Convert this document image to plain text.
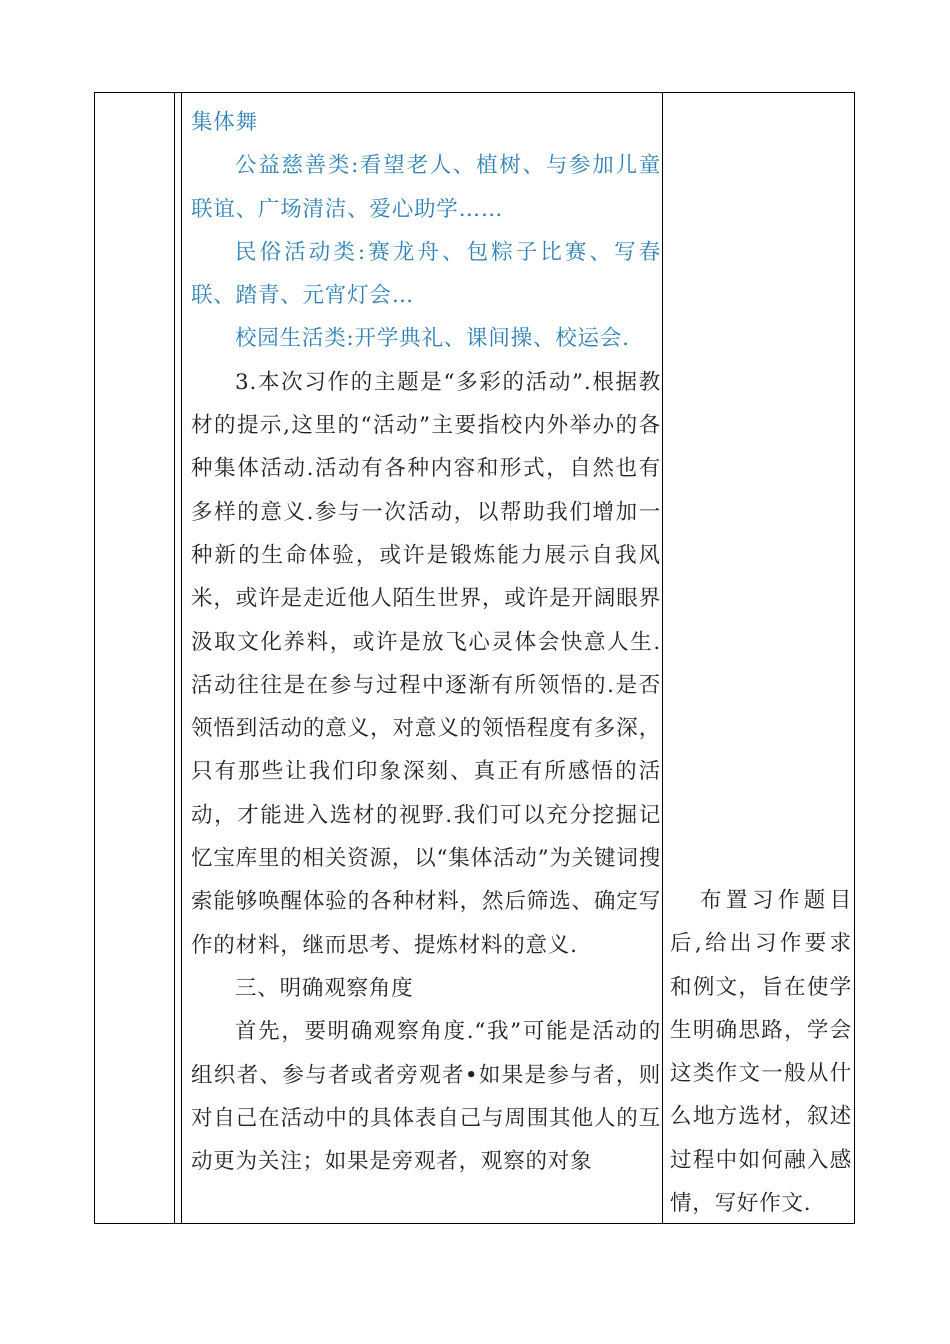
集体舞

公益慈善类:看望老人、植树、与参加儿童联谊、广场清洁、爱心助学……

民俗活动类:赛龙舟、包粽子比赛、写春联、踏青、元宵灯会…

校园生活类:开学典礼、课间操、校运会.

3.本次习作的主题是“多彩的活动”.根据教材的提示,这里的“活动”主要指校内外举办的各种集体活动.活动有各种内容和形式，自然也有多样的意义.参与一次活动，以帮助我们增加一种新的生命体验，或许是锻炼能力展示自我风米，或许是走近他人陌生世界，或许是开阔眼界汲取文化养料，或许是放飞心灵体会快意人生.活动往往是在参与过程中逐渐有所领悟的.是否领悟到活动的意义，对意义的领悟程度有多深，只有那些让我们印象深刻、真正有所感悟的活动，才能进入选材的视野.我们可以充分挖掘记忆宝库里的相关资源，以“集体活动”为关键词搜索能够唤醒体验的各种材料，然后筛选、确定写作的材料，继而思考、提炼材料的意义.

三、明确观察角度

首先，要明确观察角度.“我”可能是活动的组织者、参与者或者旁观者•如果是参与者，则对自己在活动中的具体表自己与周围其他人的互动更为关注；如果是旁观者，观察的对象

布置习作题目后,给出习作要求和例文，旨在使学生明确思路，学会这类作文一般从什么地方选材，叙述过程中如何融入感情，写好作文.
